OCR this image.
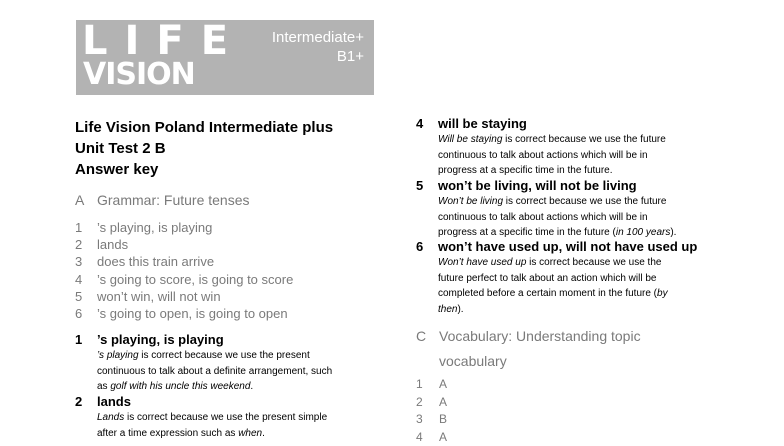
LIFE
VISION
Intermediate+
B1+
Life Vision Poland Intermediate plus
Unit Test 2 B
Answer key
A Grammar: Future tenses
1 ’s playing, is playing
2 lands
3 does this train arrive
4 ’s going to score, is going to score
5 won’t win, will not win
6 ’s going to open, is going to open
1 ’s playing, is playing
’s playing is correct because we use the present
continuous to talk about a definite arrangement, such
as golf with his uncle this weekend.
2 lands
Lands is correct because we use the present simple
after a time expression such as when.
4 will be staying
Will be staying is correct because we use the future
continuous to talk about actions which will be in
progress at a specific time in the future.
5 won’t be living, will not be living
Won’t be living is correct because we use the future
continuous to talk about actions which will be in
progress at a specific time in the future (in 100 years).
6 won’t have used up, will not have used up
Won’t have used up is correct because we use the
future perfect to talk about an action which will be
completed before a certain moment in the future (by
then).
C Vocabulary: Understanding topic
vocabulary
1 A
2 A
3 B
4 A
